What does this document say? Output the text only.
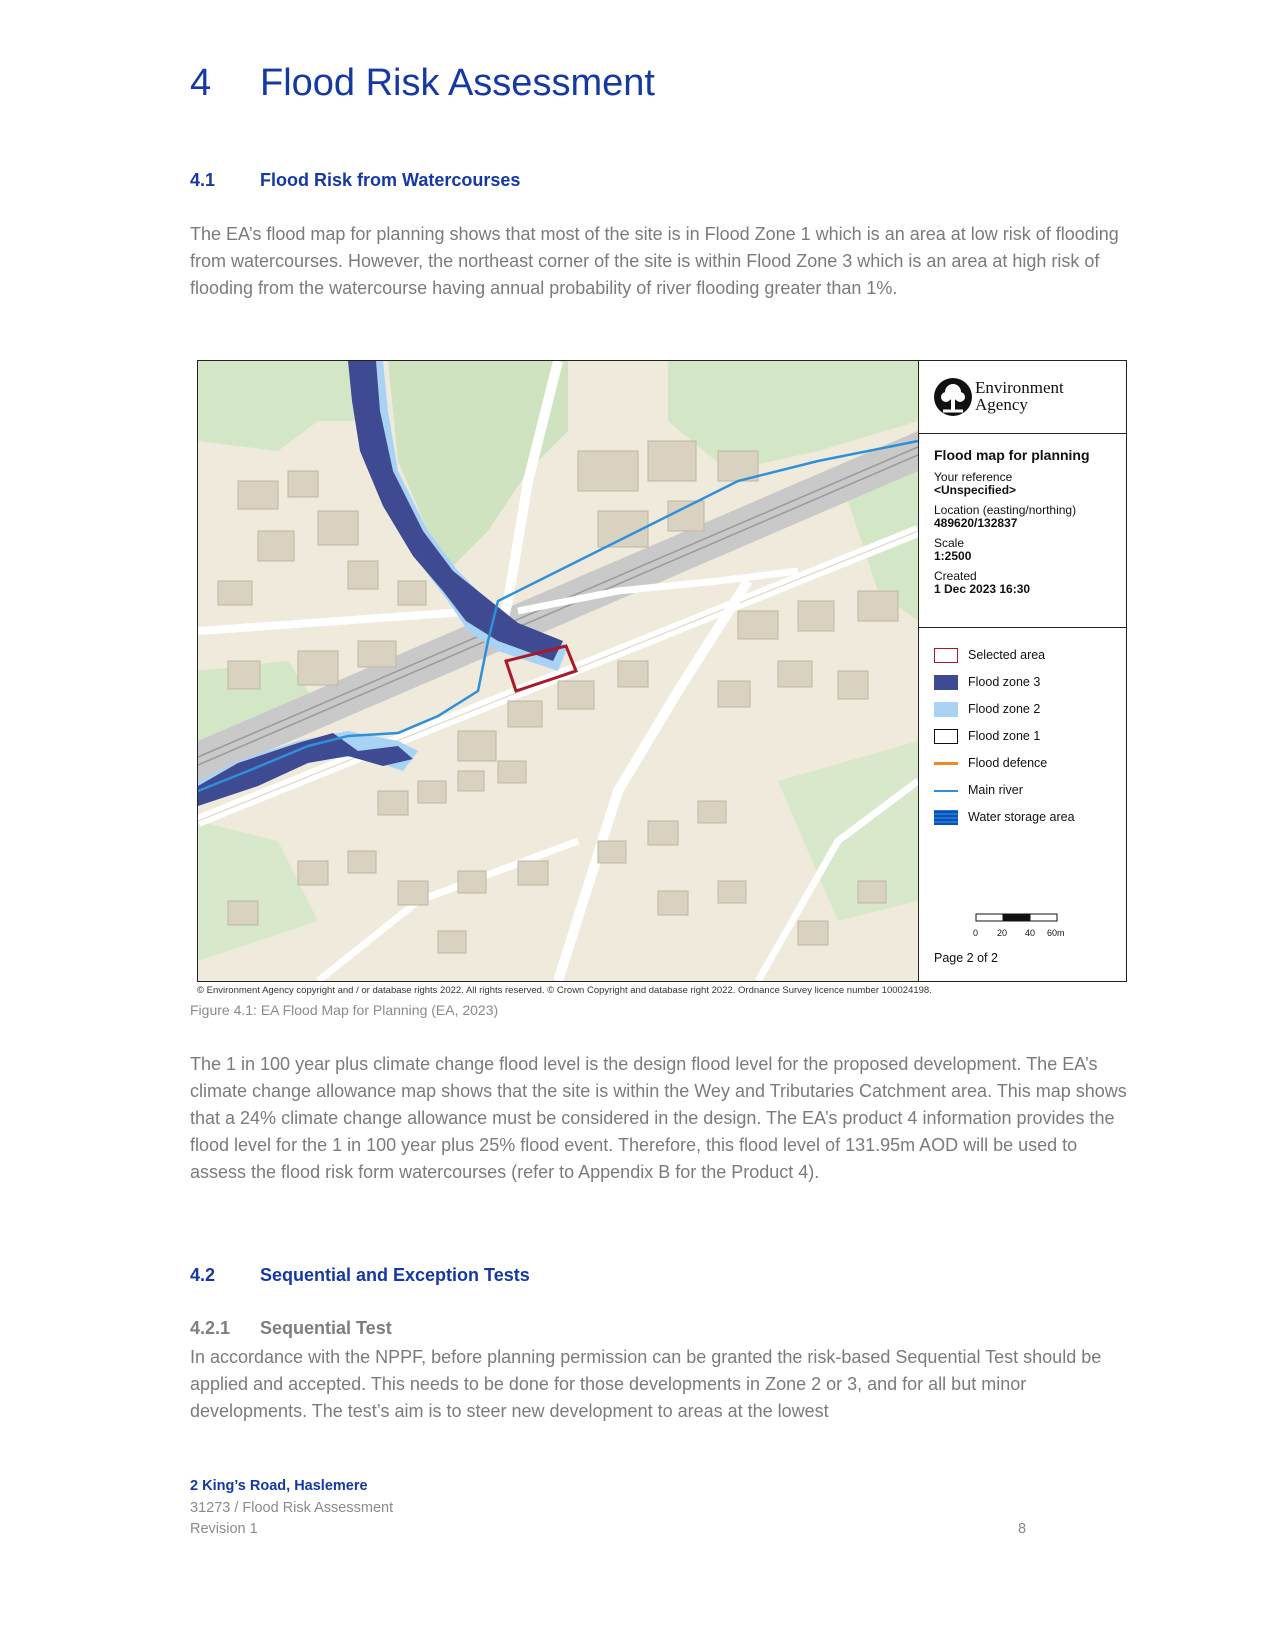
4 Flood Risk Assessment
4.1 Flood Risk from Watercourses
The EA’s flood map for planning shows that most of the site is in Flood Zone 1 which is an area at low risk of flooding from watercourses. However, the northeast corner of the site is within Flood Zone 3 which is an area at high risk of flooding from the watercourse having annual probability of river flooding greater than 1%.
Environment
Agency
Flood map for planning
Your reference
<Unspecified>
Location (easting/northing)
489620/132837
Scale
1:2500
Created
1 Dec 2023 16:30
Selected area
Flood zone 3
Flood zone 2
Flood zone 1
Flood defence
Main river
Water storage area
0 20 40 60m
Page 2 of 2
© Environment Agency copyright and / or database rights 2022. All rights reserved. © Crown Copyright and database right 2022. Ordnance Survey licence number 100024198.
Figure 4.1: EA Flood Map for Planning (EA, 2023)
The 1 in 100 year plus climate change flood level is the design flood level for the proposed development. The EA’s climate change allowance map shows that the site is within the Wey and Tributaries Catchment area. This map shows that a 24% climate change allowance must be considered in the design. The EA’s product 4 information provides the flood level for the 1 in 100 year plus 25% flood event. Therefore, this flood level of 131.95m AOD will be used to assess the flood risk form watercourses (refer to Appendix B for the Product 4).
4.2 Sequential and Exception Tests
4.2.1 Sequential Test
In accordance with the NPPF, before planning permission can be granted the risk-based Sequential Test should be applied and accepted. This needs to be done for those developments in Zone 2 or 3, and for all but minor developments. The test’s aim is to steer new development to areas at the lowest
2 King’s Road, Haslemere
31273 / Flood Risk Assessment
Revision 1	8
